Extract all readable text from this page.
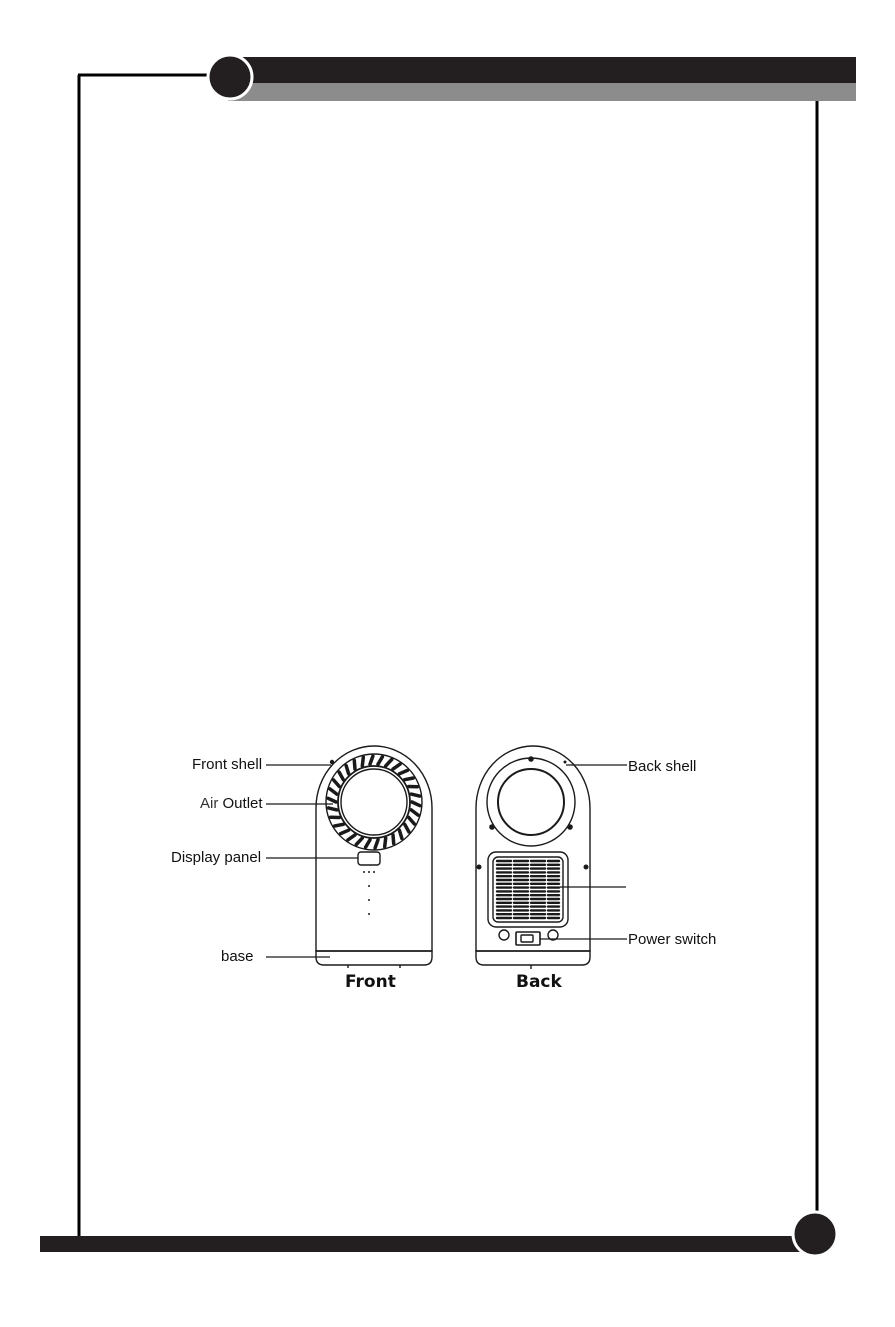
Front shell
Air Outlet
Display panel
base
Back shell
Power switch
Front	Back
